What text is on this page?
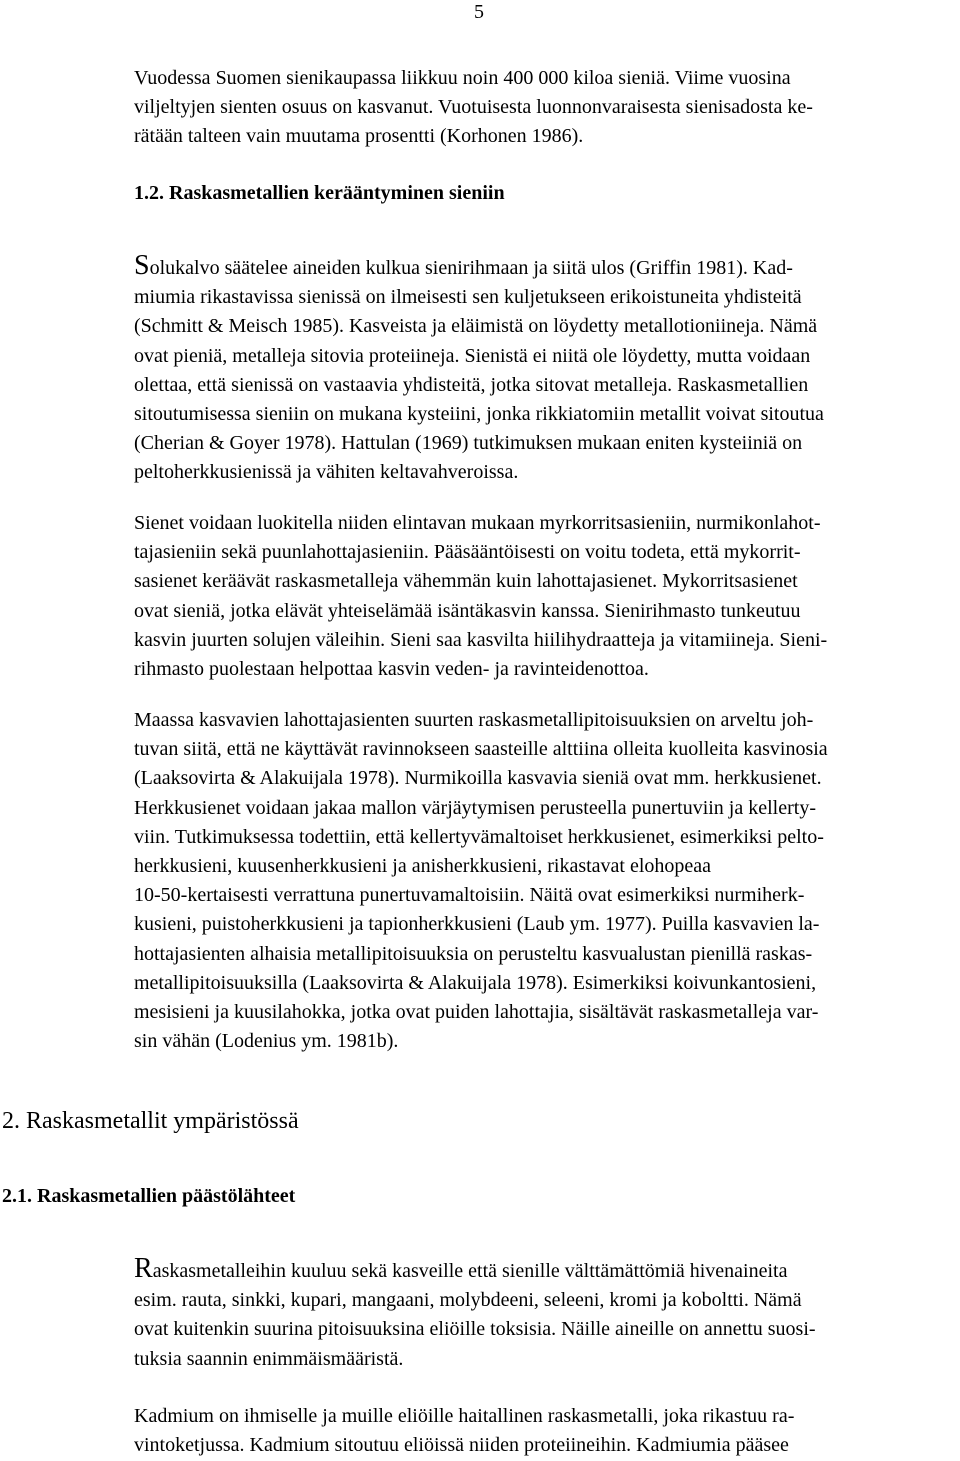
5
Vuodessa Suomen sienikaupassa liikkuu noin 400 000 kiloa sieniä. Viime vuosina
viljeltyjen sienten osuus on kasvanut. Vuotuisesta luonnonvaraisesta sienisadosta ke-
rätään talteen vain muutama prosentti (Korhonen 1986).
1.2. Raskasmetallien kerääntyminen sieniin
Solukalvo säätelee aineiden kulkua sienirihmaan ja siitä ulos (Griffin 1981). Kad-
miumia rikastavissa sienissä on ilmeisesti sen kuljetukseen erikoistuneita yhdisteitä
(Schmitt & Meisch 1985). Kasveista ja eläimistä on löydetty metallotioniineja. Nämä
ovat pieniä, metalleja sitovia proteiineja. Sienistä ei niitä ole löydetty, mutta voidaan
olettaa, että sienissä on vastaavia yhdisteitä, jotka sitovat metalleja. Raskasmetallien
sitoutumisessa sieniin on mukana kysteiini, jonka rikkiatomiin metallit voivat sitoutua
(Cherian & Goyer 1978). Hattulan (1969) tutkimuksen mukaan eniten kysteiiniä on
peltoherkkusienissä ja vähiten keltavahveroissa.
Sienet voidaan luokitella niiden elintavan mukaan myrkorritsasieniin, nurmikonlahot-
tajasieniin sekä puunlahottajasieniin. Pääsääntöisesti on voitu todeta, että mykorrit-
sasienet keräävät raskasmetalleja vähemmän kuin lahottajasienet. Mykorritsasienet
ovat sieniä, jotka elävät yhteiselämää isäntäkasvin kanssa. Sienirihmasto tunkeutuu
kasvin juurten solujen väleihin. Sieni saa kasvilta hiilihydraatteja ja vitamiineja. Sieni-
rihmasto puolestaan helpottaa kasvin veden- ja ravinteidenottoa.
Maassa kasvavien lahottajasienten suurten raskasmetallipitoisuuksien on arveltu joh-
tuvan siitä, että ne käyttävät ravinnokseen saasteille alttiina olleita kuolleita kasvinosia
(Laaksovirta & Alakuijala 1978). Nurmikoilla kasvavia sieniä ovat mm. herkkusienet.
Herkkusienet voidaan jakaa mallon värjäytymisen perusteella punertuviin ja kellerty-
viin. Tutkimuksessa todettiin, että kellertyvämaltoiset herkkusienet, esimerkiksi pelto-
herkkusieni, kuusenherkkusieni ja anisherkkusieni, rikastavat elohopeaa
10-50-kertaisesti verrattuna punertuvamaltoisiin. Näitä ovat esimerkiksi nurmiherk-
kusieni, puistoherkkusieni ja tapionherkkusieni (Laub ym. 1977). Puilla kasvavien la-
hottajasienten alhaisia metallipitoisuuksia on perusteltu kasvualustan pienillä raskas-
metallipitoisuuksilla (Laaksovirta & Alakuijala 1978). Esimerkiksi koivunkantosieni,
mesisieni ja kuusilahokka, jotka ovat puiden lahottajia, sisältävät raskasmetalleja var-
sin vähän (Lodenius ym. 1981b).
2. Raskasmetallit ympäristössä
2.1. Raskasmetallien päästölähteet
Raskasmetalleihin kuuluu sekä kasveille että sienille välttämättömiä hivenaineita
esim. rauta, sinkki, kupari, mangaani, molybdeeni, seleeni, kromi ja koboltti. Nämä
ovat kuitenkin suurina pitoisuuksina eliöille toksisia. Näille aineille on annettu suosi-
tuksia saannin enimmäismääristä.
Kadmium on ihmiselle ja muille eliöille haitallinen raskasmetalli, joka rikastuu ra-
vintoketjussa. Kadmium sitoutuu eliöissä niiden proteiineihin. Kadmiumia pääsee
